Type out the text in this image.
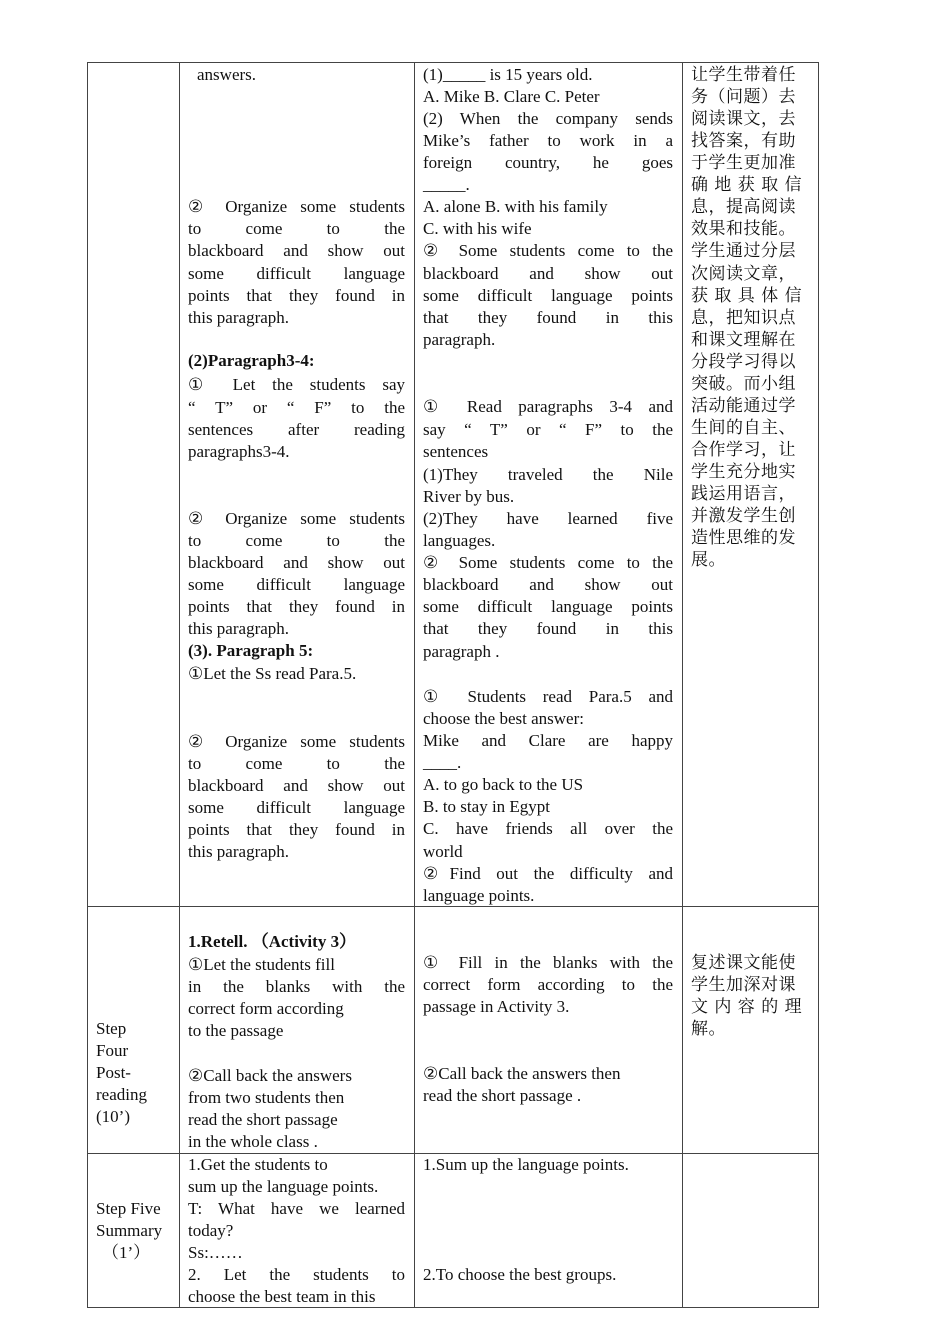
answers.
② Organize some students
to come to the
blackboard and show out
some difficult language
points that they found in
this paragraph.
(2)Paragraph3-4:
① Let the students say
“ T” or “ F” to the
sentences after reading
paragraphs3-4.
② Organize some students
to come to the
blackboard and show out
some difficult language
points that they found in
this paragraph.
(3). Paragraph 5:
①Let the Ss read Para.5.
② Organize some students
to come to the
blackboard and show out
some difficult language
points that they found in
this paragraph.
(1)_____ is 15 years old.
A. Mike B. Clare C. Peter
(2) When the company sends
Mike’s father to work in a
foreign country, he goes
_____.
A. alone B. with his family
C. with his wife
② Some students come to the
blackboard and show out
some difficult language points
that they found in this
paragraph.
① Read paragraphs 3-4 and
say “ T” or “ F” to the
sentences
(1)They traveled the Nile
River by bus.
(2)They have learned five
languages.
② Some students come to the
blackboard and show out
some difficult language points
that they found in this
paragraph .
① Students read Para.5 and
choose the best answer:
Mike and Clare are happy
____.
A. to go back to the US
B. to stay in Egypt
C. have friends all over the
world
②Find out the difficulty and
language points.
让学生带着任
务（问题）去
阅读课文，去
找答案，有助
于学生更加准
确 地 获 取 信
息，提高阅读
效果和技能。
学生通过分层
次阅读文章，
获 取 具 体 信
息，把知识点
和课文理解在
分段学习得以
突破。而小组
活动能通过学
生间的自主、
合作学习，让
学生充分地实
践运用语言，
并激发学生创
造性思维的发
展。
Step
Four
Post-
reading
(10’)
1.Retell. （Activity 3）
①Let the students fill
in the blanks with the
correct form according
to the passage
②Call back the answers
from two students then
read the short passage
in the whole class .
① Fill in the blanks with the
correct form according to the
passage in Activity 3.
②Call back the answers then
read the short passage .
复述课文能使
学生加深对课
文 内 容 的 理
解。
Step Five
Summary
（1’）
1.Get the students to
sum up the language points.
T: What have we learned
today?
Ss:……
2. Let the students to
choose the best team in this
1.Sum up the language points.
2.To choose the best groups.
